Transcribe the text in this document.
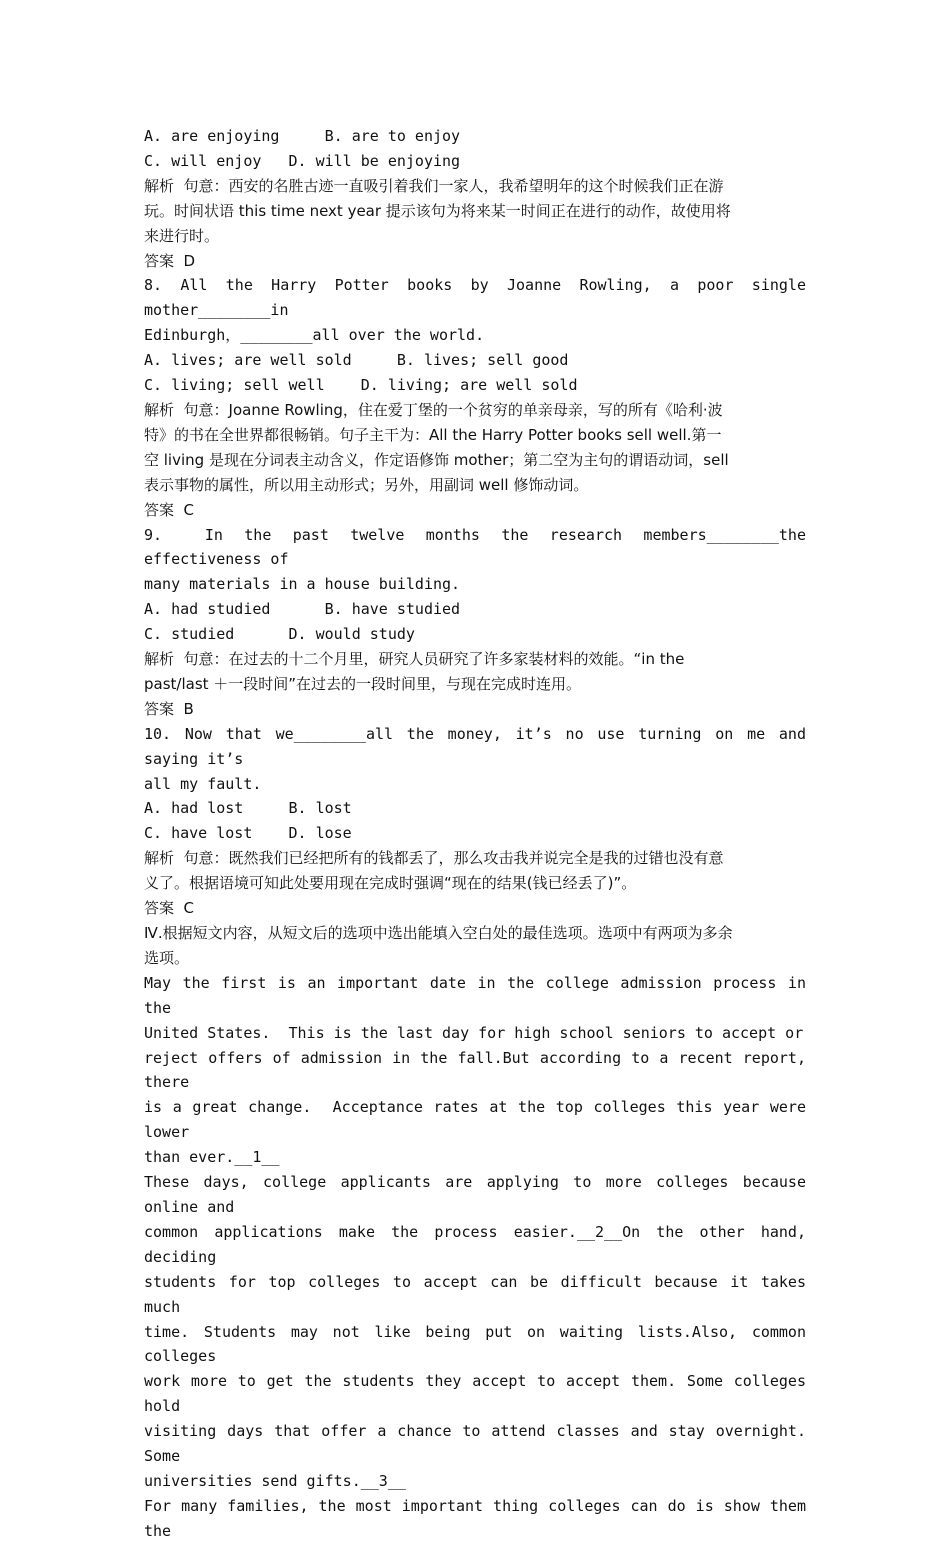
A. are enjoying     B. are to enjoy
C. will enjoy   D. will be enjoying
解析  句意：西安的名胜古迹一直吸引着我们一家人，我希望明年的这个时候我们正在游
玩。时间状语 this time next year 提示该句为将来某一时间正在进行的动作，故使用将
来进行时。
答案  D
8. All the Harry Potter books by Joanne Rowling, a poor single mother________in
Edinburgh，________all over the world.
A. lives; are well sold     B. lives; sell good
C. living; sell well    D. living; are well sold
解析  句意：Joanne Rowling，住在爱丁堡的一个贫穷的单亲母亲，写的所有《哈利·波
特》的书在全世界都很畅销。句子主干为：All the Harry Potter books sell well.第一
空 living 是现在分词表主动含义，作定语修饰 mother；第二空为主句的谓语动词，sell
表示事物的属性，所以用主动形式；另外，用副词 well 修饰动词。
答案  C
9.  In the past twelve months the research members________the effectiveness of
many materials in a house building.
A. had studied      B. have studied
C. studied      D. would study
解析  句意：在过去的十二个月里，研究人员研究了许多家装材料的效能。“in the
past/last ＋一段时间”在过去的一段时间里，与现在完成时连用。
答案  B
10. Now that we________all the money, it’s no use turning on me and saying it’s
all my fault.
A. had lost     B. lost
C. have lost    D. lose
解析  句意：既然我们已经把所有的钱都丢了，那么攻击我并说完全是我的过错也没有意
义了。根据语境可知此处要用现在完成时强调“现在的结果(钱已经丢了)”。
答案  C
Ⅳ.根据短文内容，从短文后的选项中选出能填入空白处的最佳选项。选项中有两项为多余
选项。
May the first is an important date in the college admission process in the
United States.  This is the last day for high school seniors to accept or
reject offers of admission in the fall.But according to a recent report, there
is a great change.  Acceptance rates at the top colleges this year were lower
than ever.__1__
These days, college applicants are applying to more colleges because online and
common applications make the process easier.__2__On the other hand, deciding
students for top colleges to accept can be difficult because it takes much
time. Students may not like being put on waiting lists.Also, common colleges
work more to get the students they accept to accept them. Some colleges hold
visiting days that offer a chance to attend classes and stay overnight.  Some
universities send gifts.__3__
For many families, the most important thing colleges can do is show them the
